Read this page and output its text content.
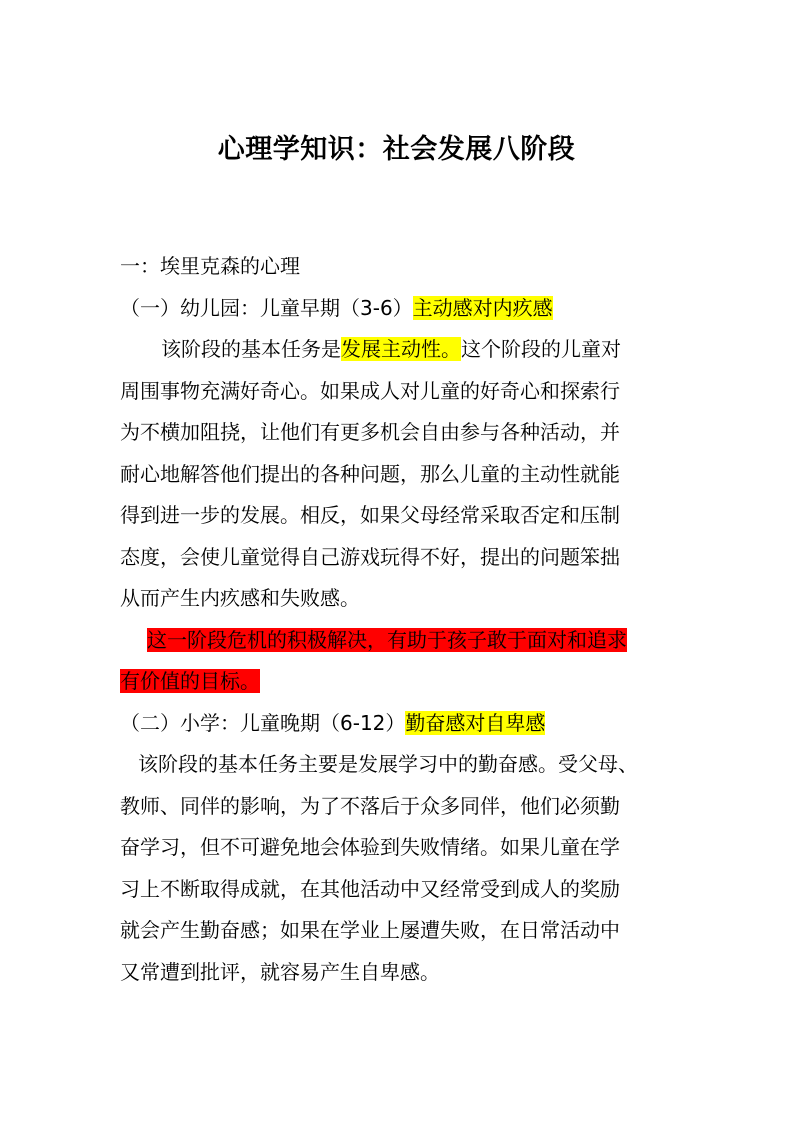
心理学知识：社会发展八阶段
一：埃里克森的心理
（一）幼儿园：儿童早期（3-6）主动感对内疚感
该阶段的基本任务是发展主动性。这个阶段的儿童对
周围事物充满好奇心。如果成人对儿童的好奇心和探索行
为不横加阻挠，让他们有更多机会自由参与各种活动，并
耐心地解答他们提出的各种问题，那么儿童的主动性就能
得到进一步的发展。相反，如果父母经常采取否定和压制
态度，会使儿童觉得自己游戏玩得不好，提出的问题笨拙
从而产生内疚感和失败感。
这一阶段危机的积极解决，有助于孩子敢于面对和追求
有价值的目标。
（二）小学：儿童晚期（6-12）勤奋感对自卑感
该阶段的基本任务主要是发展学习中的勤奋感。受父母、
教师、同伴的影响，为了不落后于众多同伴，他们必须勤
奋学习，但不可避免地会体验到失败情绪。如果儿童在学
习上不断取得成就，在其他活动中又经常受到成人的奖励
就会产生勤奋感；如果在学业上屡遭失败，在日常活动中
又常遭到批评，就容易产生自卑感。
